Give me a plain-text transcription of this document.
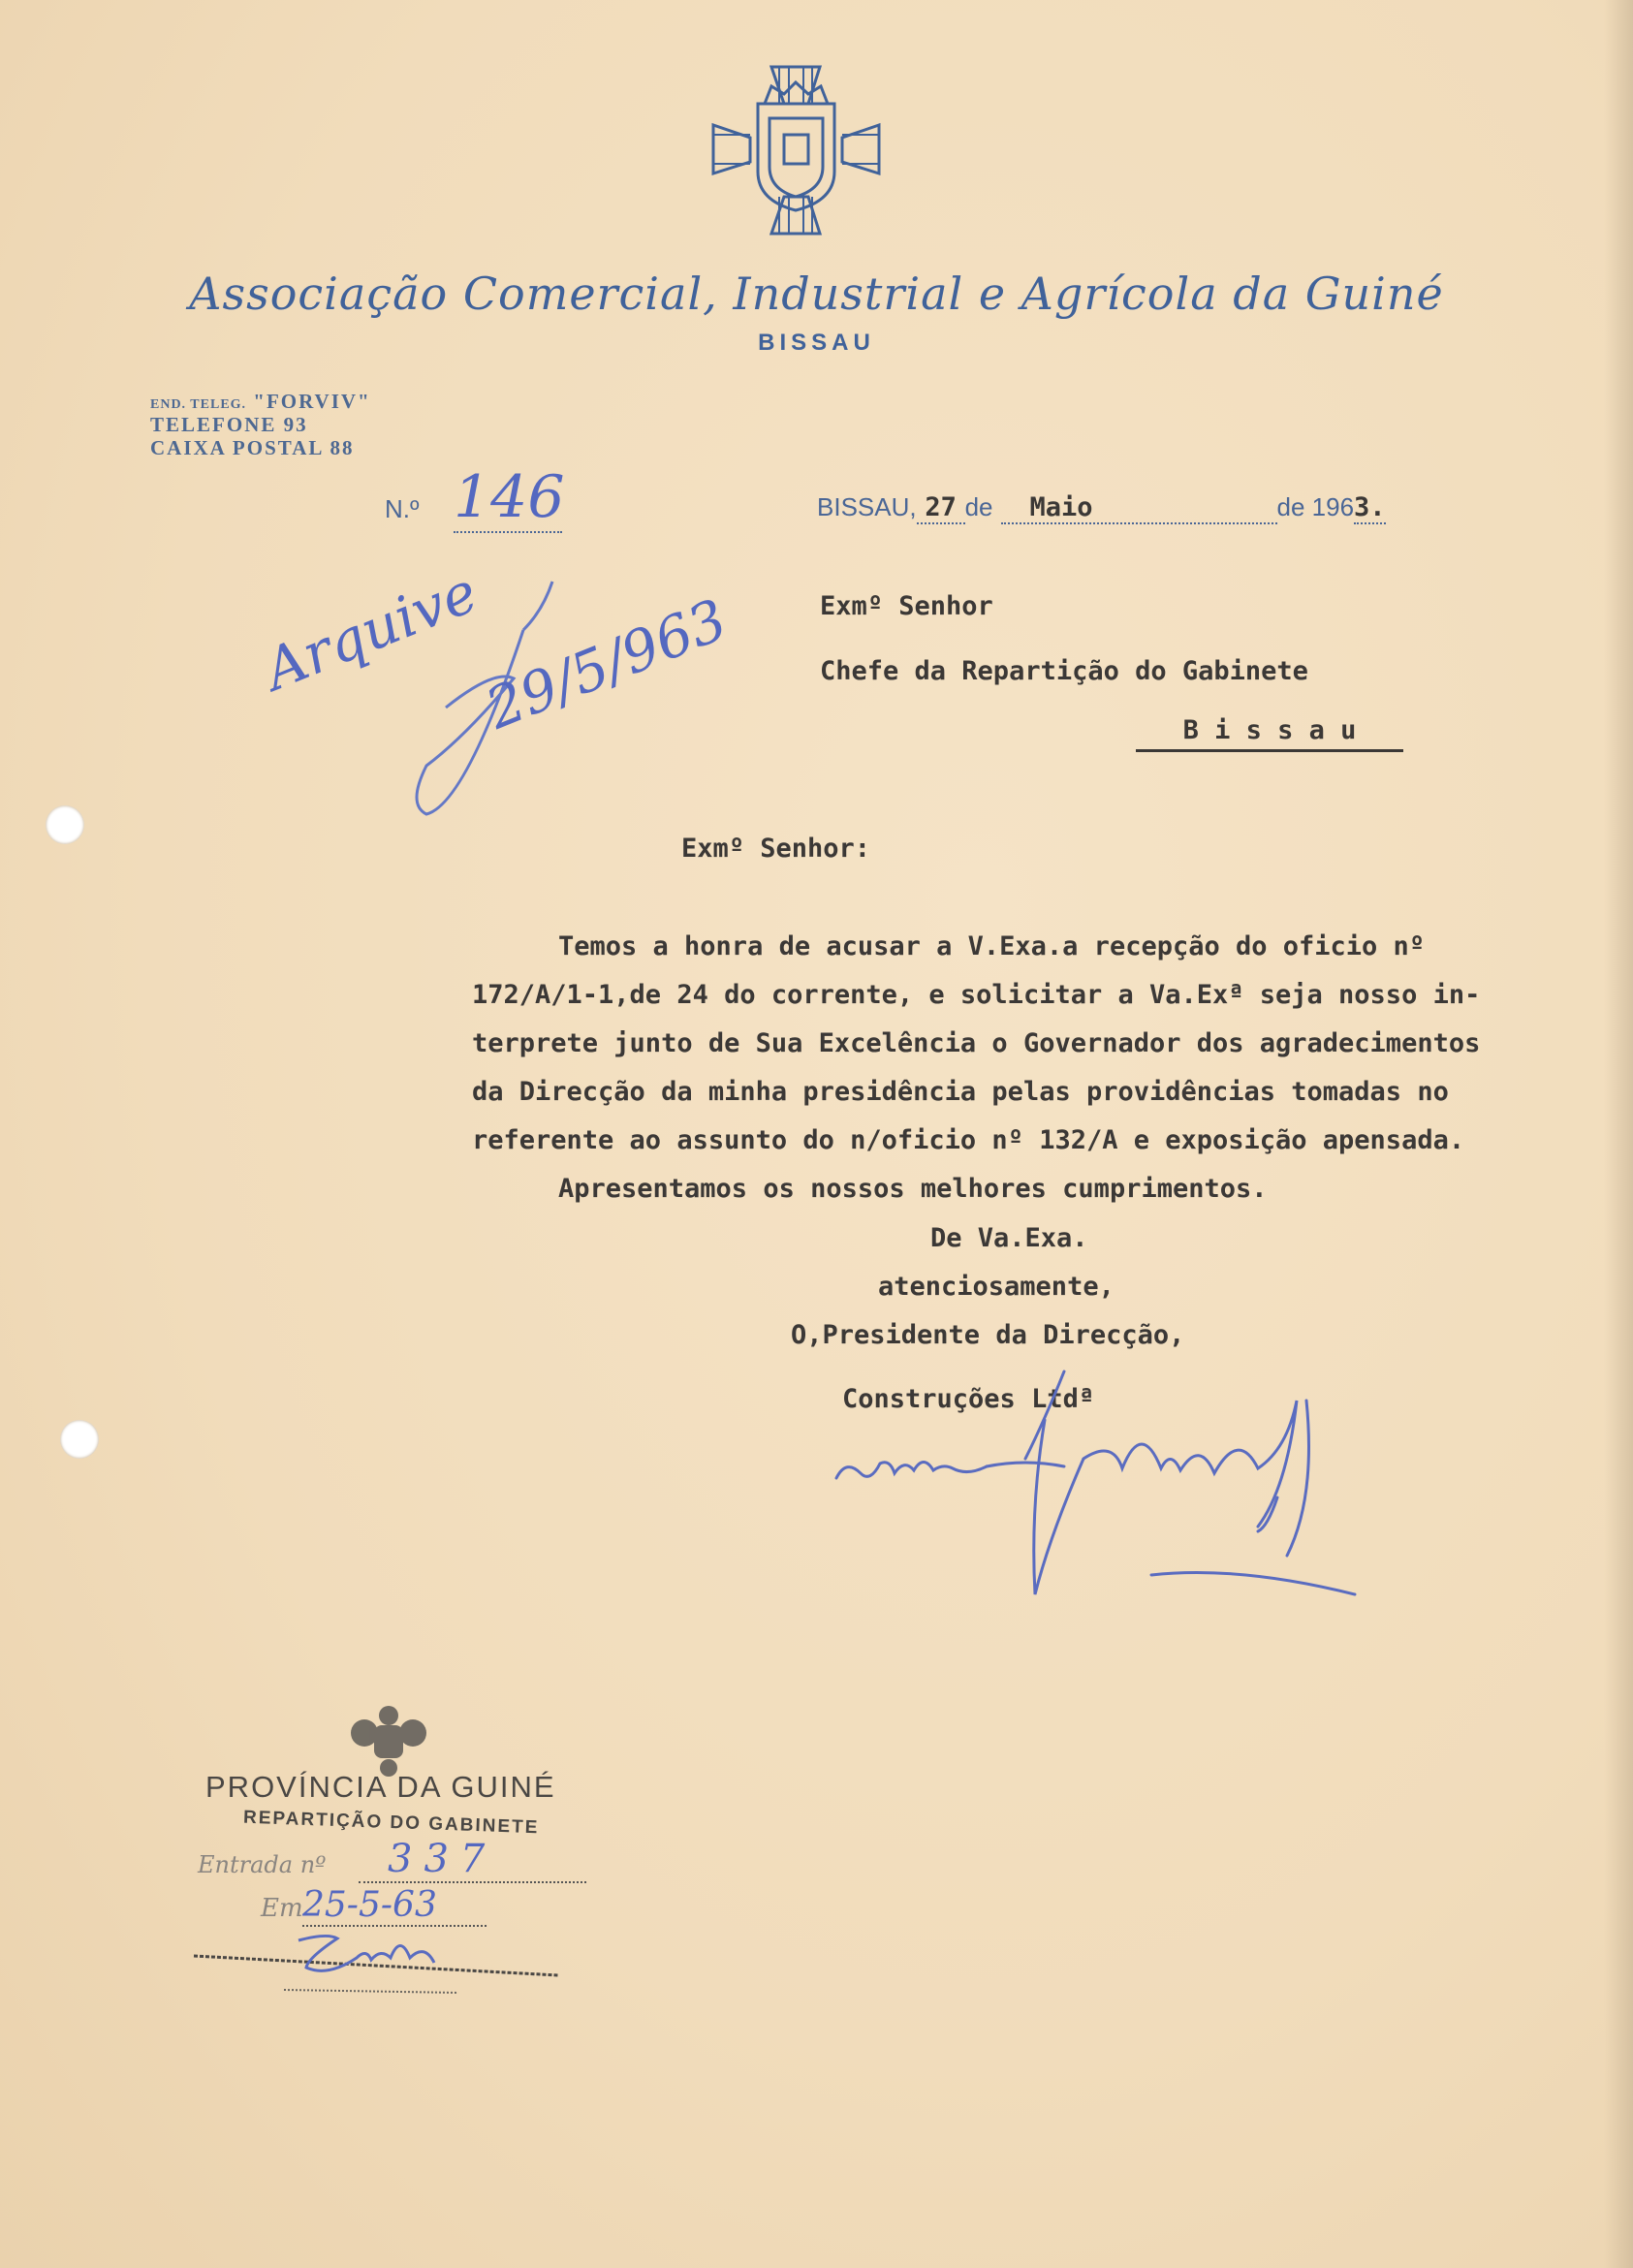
Associação Comercial, Industrial e Agrícola da Guiné
BISSAU
END. TELEG. "FORVIV"
TELEFONE 93
CAIXA POSTAL 88
N.º 146	BISSAU, 27 de Maio	de 1963.
Exmº Senhor
Chefe da Repartição do Gabinete
B i s s a u
Arquive
29/5/963
Exmº Senhor:
Temos a honra de acusar a V.Exa.a recepção do oficio nº
172/A/1-1,de 24 do corrente, e solicitar a Va.Exª seja nosso in-
terprete junto de Sua Excelência o Governador dos agradecimentos
da Direcção da minha presidência pelas providências tomadas no
referente ao assunto do n/oficio nº 132/A e exposição apensada.
Apresentamos os nossos melhores cumprimentos.
De Va.Exa.
atenciosamente,
O,Presidente da Direcção,
Construções Ltdª
PROVÍNCIA DA GUINÉ
REPARTIÇÃO DO GABINETE
Entrada nº	337
Em 25-5-63
